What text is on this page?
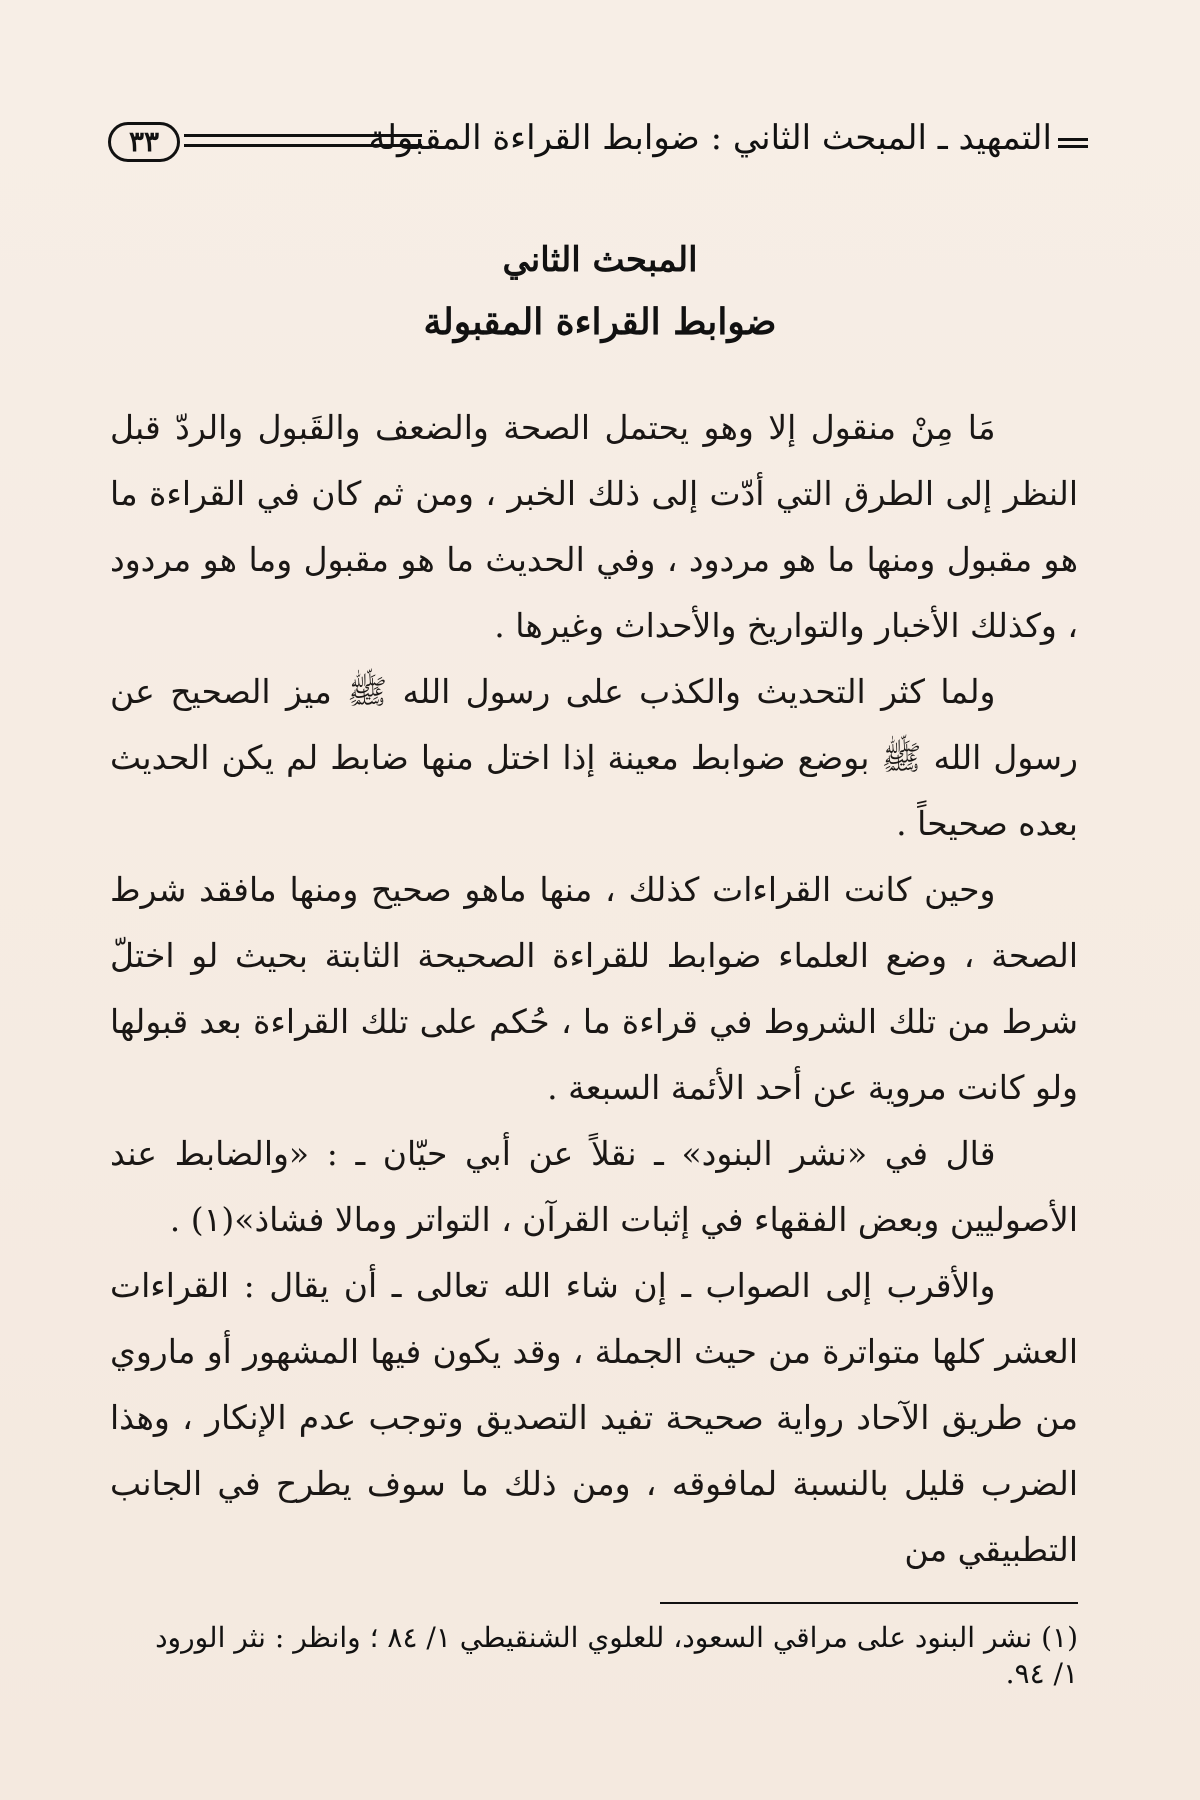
٣٣	التمهيد ـ المبحث الثاني : ضوابط القراءة المقبولة
المبحث الثاني
ضوابط القراءة المقبولة

مَا مِنْ منقول إلا وهو يحتمل الصحة والضعف والقَبول والردّ قبل النظر إلى الطرق التي أدّت إلى ذلك الخبر ، ومن ثم كان في القراءة ما هو مقبول ومنها ما هو مردود ، وفي الحديث ما هو مقبول وما هو مردود ، وكذلك الأخبار والتواريخ والأحداث وغيرها .

ولما كثر التحديث والكذب على رسول الله ﷺ ميز الصحيح عن رسول الله ﷺ بوضع ضوابط معينة إذا اختل منها ضابط لم يكن الحديث بعده صحيحاً .

وحين كانت القراءات كذلك ، منها ماهو صحيح ومنها مافقد شرط الصحة ، وضع العلماء ضوابط للقراءة الصحيحة الثابتة بحيث لو اختلّ شرط من تلك الشروط في قراءة ما ، حُكم على تلك القراءة بعد قبولها ولو كانت مروية عن أحد الأئمة السبعة .

قال في «نشر البنود» ـ نقلاً عن أبي حيّان ـ : «والضابط عند الأصوليين وبعض الفقهاء في إثبات القرآن ، التواتر ومالا فشاذ»(١) .

والأقرب إلى الصواب ـ إن شاء الله تعالى ـ أن يقال : القراءات العشر كلها متواترة من حيث الجملة ، وقد يكون فيها المشهور أو ماروي من طريق الآحاد رواية صحيحة تفيد التصديق وتوجب عدم الإنكار ، وهذا الضرب قليل بالنسبة لمافوقه ، ومن ذلك ما سوف يطرح في الجانب التطبيقي من

(١) نشر البنود على مراقي السعود، للعلوي الشنقيطي ١/ ٨٤ ؛ وانظر : نثر الورود ١/ ٩٤.
